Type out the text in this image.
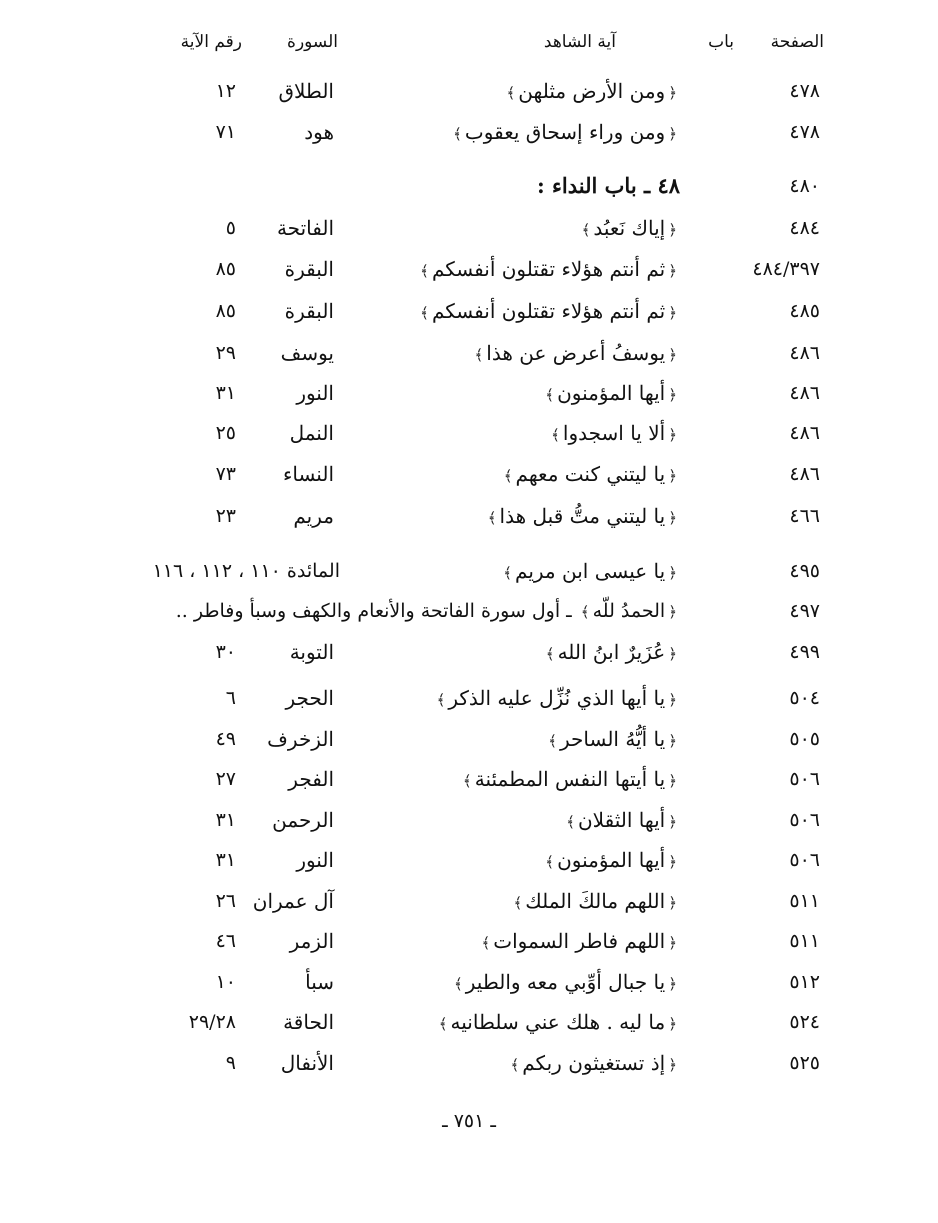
الصفحة
باب
آية الشاهد
السورة
رقم الآية
٤٧٨
﴿ومن الأرض مثلهن﴾
الطلاق
١٢
٤٧٨
﴿ومن وراء إسحاق يعقوب﴾
هود
٧١
٤٨٠
٤٨ ـ باب النداء :
٤٨٤
﴿إياك نَعبُد﴾
الفاتحة
٥
٤٨٤/٣٩٧
﴿ثم أنتم هؤلاء تقتلون أنفسكم﴾
البقرة
٨٥
٤٨٥
﴿ثم أنتم هؤلاء تقتلون أنفسكم﴾
البقرة
٨٥
٤٨٦
﴿يوسفُ أعرض عن هذا﴾
يوسف
٢٩
٤٨٦
﴿أيها المؤمنون﴾
النور
٣١
٤٨٦
﴿ألا يا اسجدوا﴾
النمل
٢٥
٤٨٦
﴿يا ليتني كنت معهم﴾
النساء
٧٣
٤٦٦
﴿يا ليتني متُّ قبل هذا﴾
مريم
٢٣
٤٩٥
﴿يا عيسى ابن مريم﴾
المائدة ١١٠ ، ١١٢ ، ١١٦
٤٩٧
﴿الحمدُ للّه﴾ ـ أول سورة الفاتحة والأنعام والكهف وسبأ وفاطر ..
٤٩٩
﴿عُزَيرٌ ابنُ الله﴾
التوبة
٣٠
٥٠٤
﴿يا أيها الذي نُزِّل عليه الذكر﴾
الحجر
٦
٥٠٥
﴿يا أيُّهُ الساحر﴾
الزخرف
٤٩
٥٠٦
﴿يا أيتها النفس المطمئنة﴾
الفجر
٢٧
٥٠٦
﴿أيها الثقلان﴾
الرحمن
٣١
٥٠٦
﴿أيها المؤمنون﴾
النور
٣١
٥١١
﴿اللهم مالكَ الملك﴾
آل عمران
٢٦
٥١١
﴿اللهم فاطر السموات﴾
الزمر
٤٦
٥١٢
﴿يا جبال أوِّبي معه والطير﴾
سبأ
١٠
٥٢٤
﴿ما ليه . هلك عني سلطانيه﴾
الحاقة
٢٩/٢٨
٥٢٥
﴿إذ تستغيثون ربكم﴾
الأنفال
٩
ـ ٧٥١ ـ
